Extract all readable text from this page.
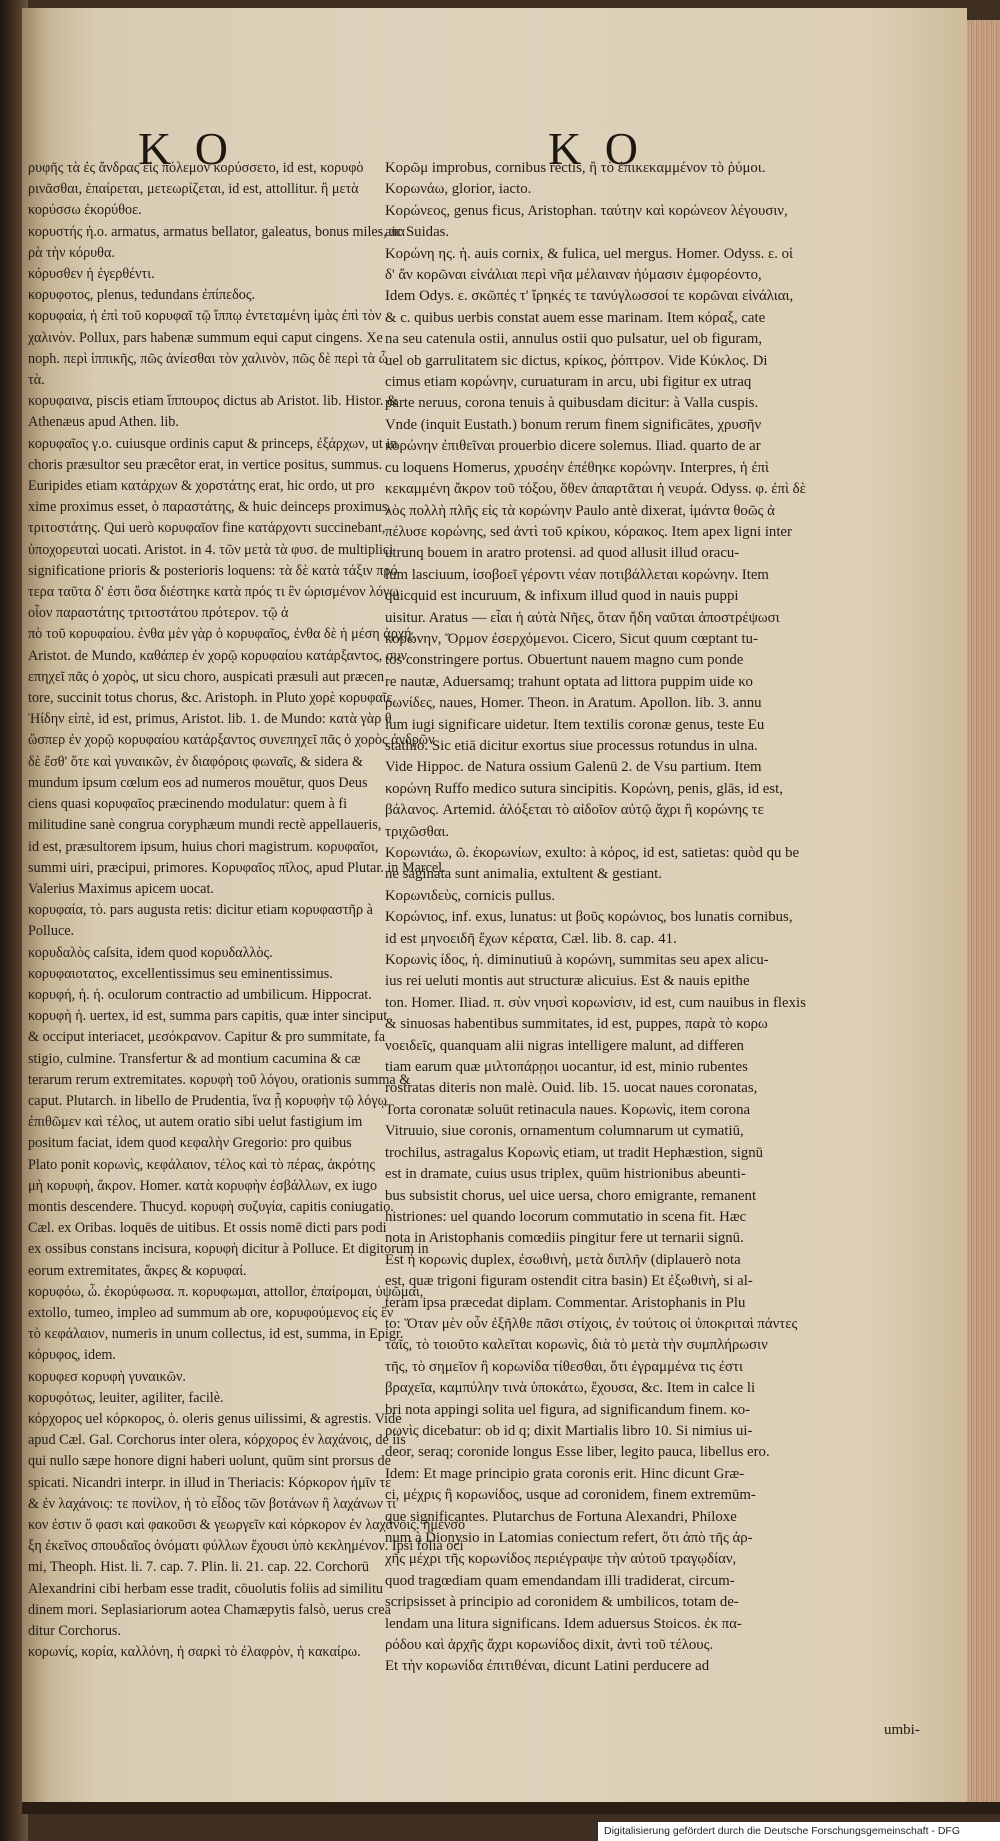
K O	K O

ρυφῆς τὰ ἐς ἄνδρας εἰς πόλεμον κορύσσετο, id est, κορυφὸ

ρινᾶσθαι, ἐπαίρεται, μετεωρίζεται, id est, attollitur. ἢ μετὰ

κορύσσω ἐκορύθοε.

κορυστής ἡ.ο. armatus, armatus bellator, galeatus, bonus miles, πα

ρὰ τὴν κόρυθα.

κόρυσθεν ἡ ἐγερθέντι.

κορυφοτος, plenus, tedundans ἐπίπεδος.

κορυφαία, ἡ ἐπὶ τοῦ κορυφαῖ τῷ ἵππῳ ἐντεταμένη ἱμὰς ἐπὶ τὸν

χαλινὸν. Pollux, pars habenæ summum equi caput cingens. Xe

noph. περὶ ἱππικῆς, πῶς ἀνίεσθαι τὸν χαλινὸν, πῶς δὲ περὶ τὰ ὦ

τὰ.

κορυφαινα, piscis etiam ἵππουρος dictus ab Aristot. lib. Histor. &

Athenæus apud Athen. lib.

κορυφαῖος γ.ο. cuiusque ordinis caput & princeps, ἐξάρχων, ut in

choris præsultor seu præcêtor erat, in vertice positus, summus.

Euripides etiam κατάρχων & χορστάτης erat, hic ordo, ut pro

xime proximus esset, ὁ παραστάτης, & huic deinceps proximus,

τριτοστάτης. Qui uerò κορυφαῖον fine κατάρχοντι succinebant,

ὑποχορευταὶ uocati. Aristot. in 4. τῶν μετὰ τὰ φυσ. de multiplici

significatione prioris & posterioris loquens: τὰ δὲ κατὰ τάξιν πρό

τερα ταῦτα δ' ἐστι ὅσα διέστηκε κατὰ πρός τι ἓν ὡρισμένον λόγῳ

οἷον παραστάτης τριτοστάτου πρότερον. τῷ ἀ

πὸ τοῦ κορυφαίου. ἐνθα μὲν γὰρ ὁ κορυφαῖος, ἐνθα δὲ ἡ μέση ἀρχή.

Aristot. de Mundo, καθάπερ ἐν χορῷ κορυφαίου κατάρξαντος, συν

επηχεῖ πᾶς ὁ χορὸς, ut sicu choro, auspicati præsuli aut præcen

tore, succinit totus chorus, &c. Aristoph. in Pluto χορὲ κορυφαῖε

Ἠίδην εἰπὲ, id est, primus, Aristot. lib. 1. de Mundo: κατὰ γὰρ θ

ὥσπερ ἐν χορῷ κορυφαίου κατάρξαντος συνεπηχεῖ πᾶς ὁ χορὸς ἀνδρῶν

δὲ ἔσθ' ὅτε καὶ γυναικῶν, ἐν διαφόροις φωναῖς, & sidera &

mundum ipsum cœlum eos ad numeros mouētur, quos Deus

ciens quasi κορυφαῖος præcinendo modulatur: quem à fi

militudine sanè congrua coryphæum mundi rectè appellaueris,

id est, præsultorem ipsum, huius chori magistrum. κορυφαῖοι,

summi uiri, præcipui, primores. Κορυφαῖος πῖλος, apud Plutar. in Marcel.

Valerius Maximus apicem uocat.

κορυφαία, τὸ. pars augusta retis: dicitur etiam κορυφαστῆρ à

Polluce.

κορυδαλὸς caſsita, idem quod κορυδαλλὸς.

κορυφαιοτατος, excellentissimus seu eminentissimus.

κορυφή, ἡ. ή. oculorum contractio ad umbilicum. Hippocrat.

κορυφὴ ἡ. uertex, id est, summa pars capitis, quæ inter sinciput

& occiput interiacet, μεσόκρανον. Capitur & pro summitate, fa

stigio, culmine. Transfertur & ad montium cacumina & cæ

terarum rerum extremitates. κορυφὴ τοῦ λόγου, orationis summa &

caput. Plutarch. in libello de Prudentia, ἵνα ᾗ κορυφὴν τῷ λόγῳ

ἐπιθῶμεν καὶ τέλος, ut autem oratio sibi uelut fastigium im

positum faciat, idem quod κεφαλὴν Gregorio: pro quibus

Plato ponit κορωνὶς, κεφάλαιον, τέλος καὶ τὸ πέρας, ἀκρότης

μὴ κορυφὴ, ἄκρον. Homer. κατὰ κορυφὴν ἐσβάλλων, ex iugo

montis descendere. Thucyd. κορυφὴ συζυγία, capitis coniugatio.

Cæl. ex Oribas. loquēs de uitibus. Et ossis nomē dicti pars podi

ex ossibus constans incisura, κορυφὴ dicitur à Polluce. Et digitorum in

eorum extremitates, ἄκρες & κορυφαί.

κορυφόω, ὦ. ἐκορύφωσα. π. κορυφωμαι, attollor, ἐπαίρομαι, ὑψῶμαι,

extollo, tumeo, impleo ad summum ab ore, κορυφούμενος εἰς ἓν

τὸ κεφάλαιον, numeris in unum collectus, id est, summa, in Epigr.

κόρυφος, idem.

κορυφεσ κορυφὴ γυναικῶν.

κορυφότως, leuiter, agiliter, facilè.

κόρχορος uel κόρκορος, ὁ. oleris genus uilissimi, & agrestis. Vide

apud Cæl. Gal. Corchorus inter olera, κόρχορος ἐν λαχάνοις, de iis

qui nullo sæpe honore digni haberi uolunt, quūm sint prorsus de

spicati. Nicandri interpr. in illud in Theriacis: Κόρκορον ἡμῖν τε

& ἐν λαχάνοις: τε πονίλον, ἡ τὸ εἶδος τῶν βοτάνων ἢ λαχάνων τι

κον ἐστιν ὅ φασι καὶ φακοῦσι & γεωργεῖν καὶ κόρκορον ἐν λαχάνοις. ἠμενσο

ξη ἐκεῖνος σπουδαῖος ὀνόματι φύλλων ἔχουσι ὑπὸ κεκλημένον. Ipsi folia oci

mi, Theoph. Hist. li. 7. cap. 7. Plin. li. 21. cap. 22. Corchorū

Alexandrini cibi herbam esse tradit, cōuolutis foliis ad similitu

dinem mori. Seplasiariorum aotea Chamæpytis falsò, uerus crea

ditur Corchorus.

κορωνίς, κορία, καλλόνη, ἡ σαρκὶ τὸ ἐλαφρὸν, ἡ κακαίρω.

Κορῶμ improbus, cornibus rectis, ἢ τὸ ἐπικεκαμμένον τὸ ῥύμοι.

Κορωνάω, glorior, iacto.

Κορώνεος, genus ficus, Aristophan. ταύτην καὶ κορώνεον λέγουσιν,

aic Suidas.

Κορώνη ης. ἡ. auis cornix, & fulica, uel mergus. Homer. Odyss. ε. οἱ

δ' ἄν κορῶναι εἰνάλιαι περὶ νῆα μέλαιναν ἠύμασιν ἐμφορέοντο,

Idem Odys. ε. σκῶπές τ' ἴρηκές τε τανύγλωσσοί τε κορῶναι εἰνάλιαι,

& c. quibus uerbis constat auem esse marinam. Item κόραξ, cate

na seu catenula ostii, annulus ostii quo pulsatur, uel ob figuram,

uel ob garrulitatem sic dictus, κρίκος, ῥόπτρον. Vide Κύκλος. Di

cimus etiam κορώνην, curuaturam in arcu, ubi figitur ex utraq

parte neruus, corona tenuis à quibusdam dicitur: à Valla cuspis.

Vnde (inquit Eustath.) bonum rerum finem significātes, χρυσῆν

κορώνην ἐπιθεῖναι prouerbio dicere solemus. Iliad. quarto de ar

cu loquens Homerus, χρυσέην ἐπέθηκε κορώνην. Interpres, ἡ ἐπὶ

κεκαμμένη ἄκρον τοῦ τόξου, ὅθεν ἀπαρτᾶται ἡ νευρά. Odyss. φ. ἐπὶ δὲ

λὸς πολλὴ πλῆς εἰς τὰ κορώνην Paulo antè dixerat, ἱμάντα θοῶς ἀ

πέλυσε κορώνης, sed ἀντὶ τοῦ κρίκου, κόρακος. Item apex ligni inter

utrunq bouem in aratro protensi. ad quod allusit illud oracu-

lum lasciuum, ἰσοβοεῖ γέροντι νέαν ποτιβάλλεται κορώνην. Item

quicquid est incuruum, & infixum illud quod in nauis puppi

uisitur. Aratus — εἶαι ἡ αὐτὰ Νῆες, ὅταν ἤδη ναῦται ἀποστρέψωσι

κορώνην, Ὅρμον ἐσερχόμενοι. Cicero, Sicut quum cœptant tu-

tos constringere portus. Obuertunt nauem magno cum ponde

re nautæ, Aduersamq; trahunt optata ad littora puppim uide κο

ρωνίδες, naues, Homer. Theon. in Aratum. Apollon. lib. 3. annu

lum iugi significare uidetur. Item textilis coronæ genus, teste Eu

stathio. Sic etiā dicitur exortus siue processus rotundus in ulna.

Vide Hippoc. de Natura ossium Galenū 2. de Vsu partium. Item

κορώνη Ruffo medico sutura sincipitis. Κορώνη, penis, glās, id est,

βάλανος. Artemid. ἀλόξεται τὸ αἰδοῖον αὐτῷ ἄχρι ἢ κορώνης τε

τριχῶσθαι.

Κορωνιάω, ῶ. ἐκορωνίων, exulto: à κόρος, id est, satietas: quòd qu be

ne saginata sunt animalia, extultent & gestiant.

Κορωνιδεὺς, cornicis pullus.

Κορώνιος, inf. exus, lunatus: ut βοῦς κορώνιος, bos lunatis cornibus,

id est μηνοειδῆ ἔχων κέρατα, Cæl. lib. 8. cap. 41.

Κορωνὶς ίδος, ἡ. diminutiuū à κορώνη, summitas seu apex alicu-

ius rei ueluti montis aut structuræ alicuius. Est & nauis epithe

ton. Homer. Iliad. π. σὺν νηυσὶ κορωνίσιν, id est, cum nauibus in flexis

& sinuosas habentibus summitates, id est, puppes, παρὰ τὸ κορω

νοειδεῖς, quanquam alii nigras intelligere malunt, ad differen

tiam earum quæ μιλτοπάρῃοι uocantur, id est, minio rubentes

rostratas diteris non malè. Ouid. lib. 15. uocat naues coronatas,

Torta coronatæ soluūt retinacula naues. Κορωνὶς, item corona

Vitruuio, siue coronis, ornamentum columnarum ut cymatiū,

trochilus, astragalus Κορωνὶς etiam, ut tradit Hephæstion, signū

est in dramate, cuius usus triplex, quūm histrionibus abeunti-

bus subsistit chorus, uel uice uersa, choro emigrante, remanent

histriones: uel quando locorum commutatio in scena fit. Hæc

nota in Aristophanis comœdiis pingitur fere ut ternarii signū.

Est ἡ κορωνὶς duplex, ἐσωθινὴ, μετὰ διπλῆν (diplauerò nota

est, quæ trigoni figuram ostendit citra basin) Et ἐξωθινὴ, si al-

teram ipsa præcedat diplam. Commentar. Aristophanis in Plu

to: Ὅταν μὲν οὖν ἐξῆλθε πᾶσι στίχοις, ἐν τούτοις οἱ ὑποκριταὶ πάντες

ταῖς, τὸ τοιοῦτο καλεῖται κορωνὶς, διὰ τὸ μετὰ τὴν συμπλήρωσιν

τῆς, τὸ σημεῖον ἢ κορωνίδα τίθεσθαι, ὅτι ἐγραμμένα τις ἐστι

βραχεῖα, καμπύλην τινὰ ὑποκάτω, ἔχουσα, &c. Item in calce li

bri nota appingi solita uel figura, ad significandum finem. κο-

ρωνὶς dicebatur: ob id q; dixit Martialis libro 10. Si nimius ui-

deor, seraq; coronide longus Esse liber, legito pauca, libellus ero.

Idem: Et mage principio grata coronis erit. Hinc dicunt Græ-

ci, μέχρις ἢ κορωνίδος, usque ad coronidem, finem extremūm-

que significantes. Plutarchus de Fortuna Alexandri, Philoxe

num à Dionysio in Latomias coniectum refert, ὅτι ἀπὸ τῆς ἀρ-

χῆς μέχρι τῆς κορωνίδος περιέγραψε τὴν αὐτοῦ τραγῳδίαν,

quod tragœdiam quam emendandam illi tradiderat, circum-

scripsisset à principio ad coronidem & umbilicos, totam de-

lendam una litura significans. Idem aduersus Stoicos. ἐκ πα-

ρόδου καὶ ἀρχῆς ἄχρι κορωνίδος dixit, ἀντὶ τοῦ τέλους.

Et τὴν κορωνίδα ἐπιτιθέναι, dicunt Latini perducere ad

umbi-
Digitalisierung gefördert durch die Deutsche Forschungsgemeinschaft - DFG
